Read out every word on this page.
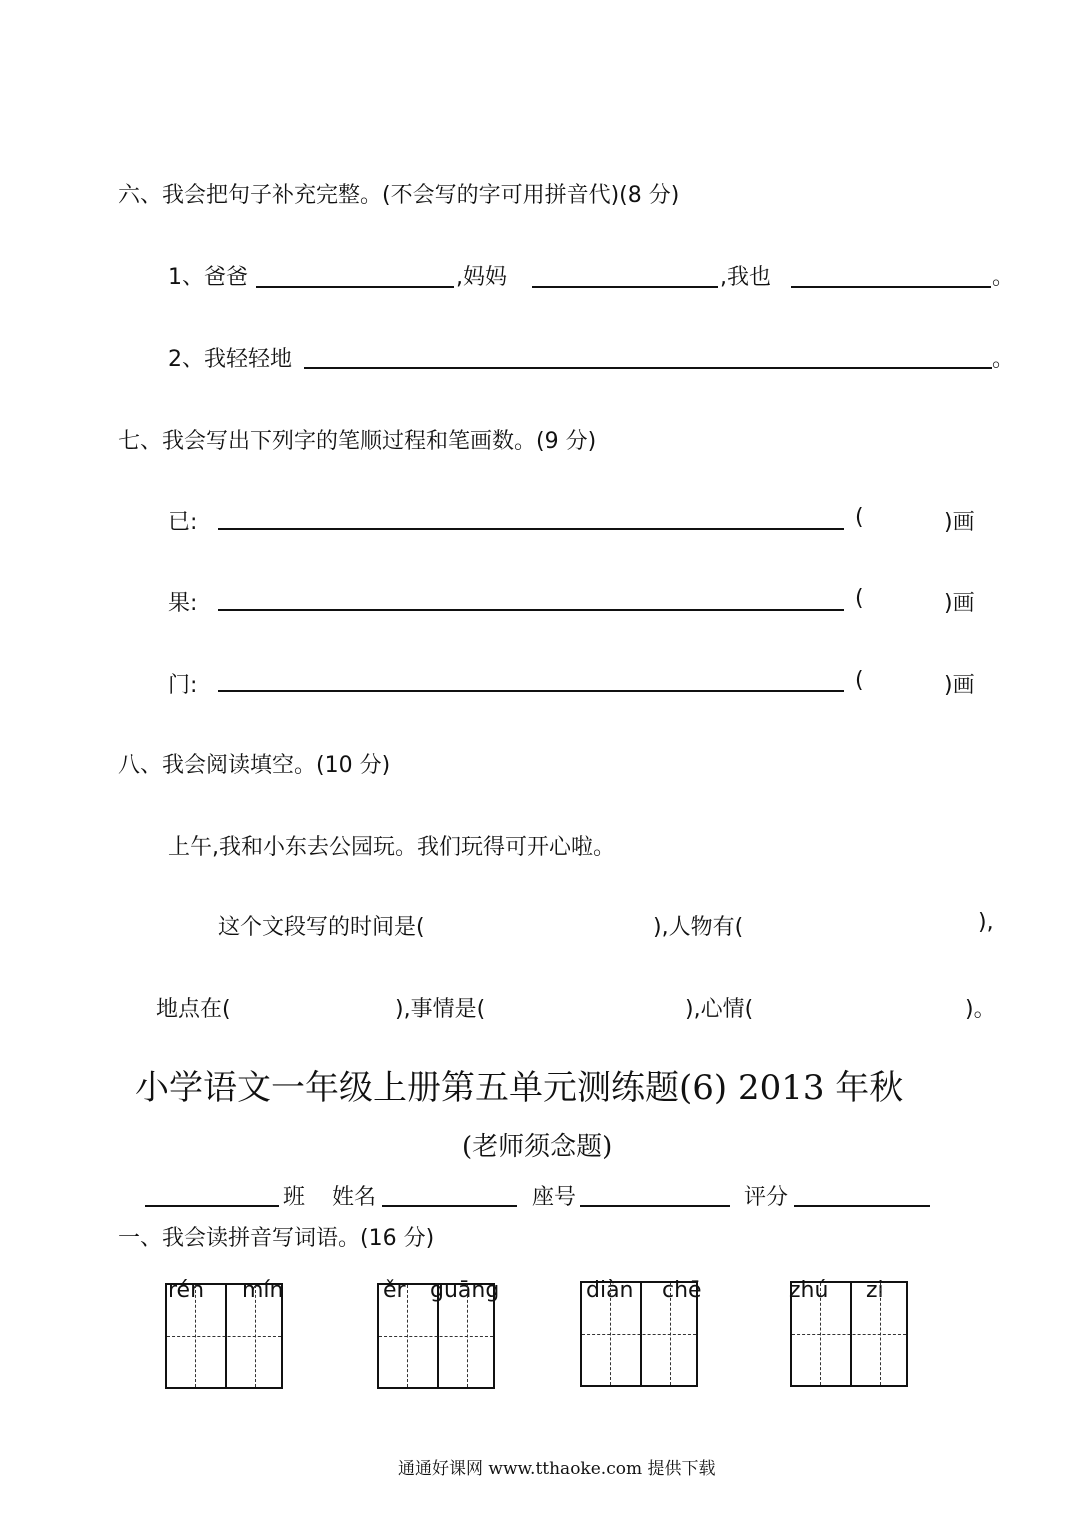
六、我会把句子补充完整。(不会写的字可用拼音代)(8 分)
1、爸爸	,妈妈	,我也	。
2、我轻轻地	。
七、我会写出下列字的笔顺过程和笔画数。(9 分)
已:	(	)画
果:	(	)画
门:	(	)画
八、我会阅读填空。(10 分)
上午,我和小东去公园玩。我们玩得可开心啦。
这个文段写的时间是(	),人物有(	),
地点在(	),事情是(	),心情(	)。
小学语文一年级上册第五单元测练题(6) 2013 年秋
(老师须念题)
班 姓名	座号	评分
一、我会读拼音写词语。(16 分)
rén mín	ěr guāng	diàn chē	zhú zi
通通好课网 www.tthaoke.com 提供下载
